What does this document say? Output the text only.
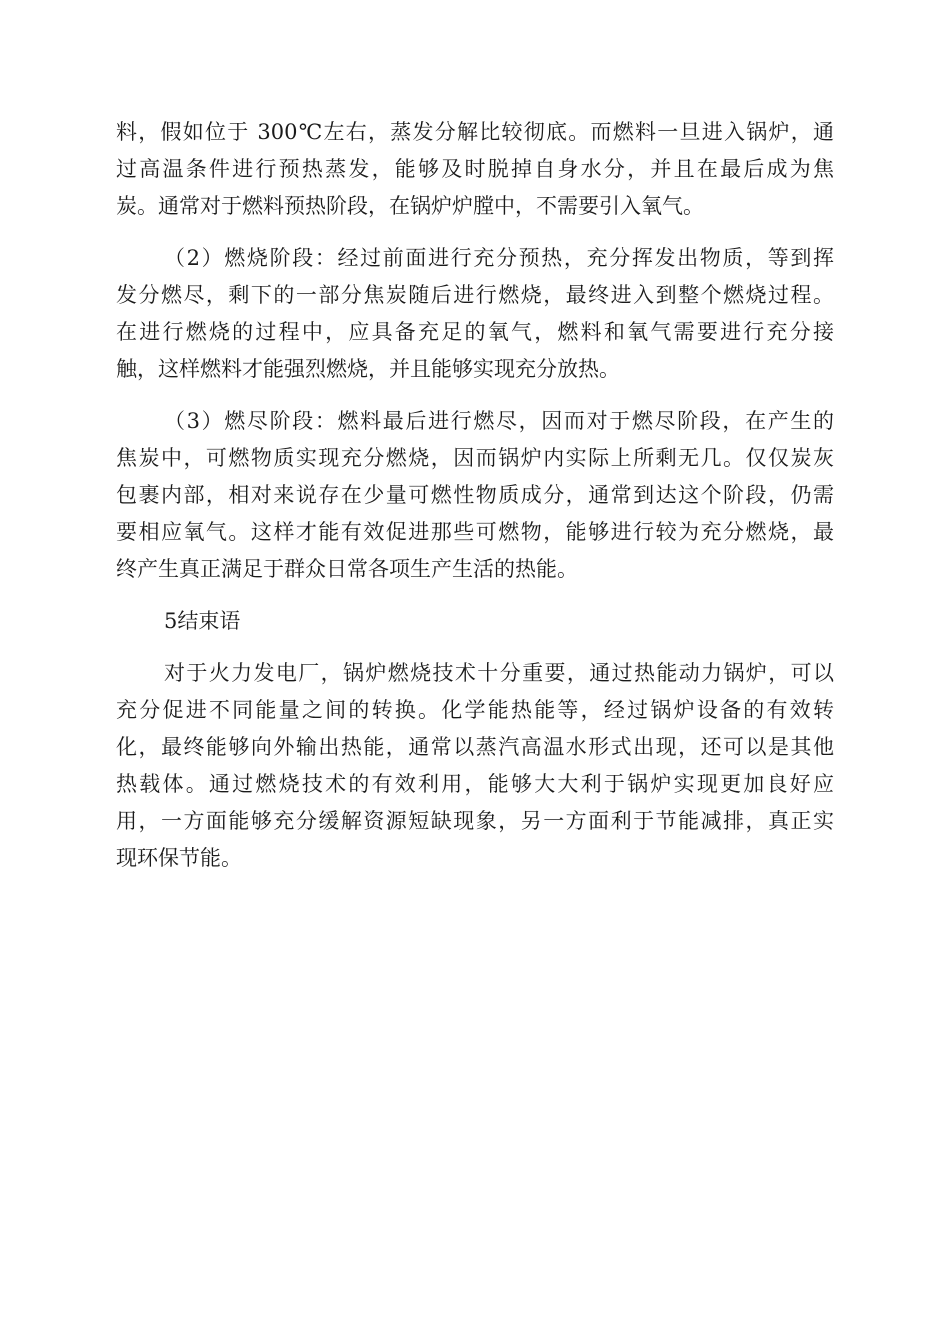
料，假如位于 300℃左右，蒸发分解比较彻底。而燃料一旦进入锅炉，通
过高温条件进行预热蒸发，能够及时脱掉自身水分，并且在最后成为焦
炭。通常对于燃料预热阶段，在锅炉炉膛中，不需要引入氧气。
（2）燃烧阶段：经过前面进行充分预热，充分挥发出物质，等到挥
发分燃尽，剩下的一部分焦炭随后进行燃烧，最终进入到整个燃烧过程。
在进行燃烧的过程中，应具备充足的氧气，燃料和氧气需要进行充分接
触，这样燃料才能强烈燃烧，并且能够实现充分放热。
（3）燃尽阶段：燃料最后进行燃尽，因而对于燃尽阶段，在产生的
焦炭中，可燃物质实现充分燃烧，因而锅炉内实际上所剩无几。仅仅炭灰
包裹内部，相对来说存在少量可燃性物质成分，通常到达这个阶段，仍需
要相应氧气。这样才能有效促进那些可燃物，能够进行较为充分燃烧，最
终产生真正满足于群众日常各项生产生活的热能。
5结束语
对于火力发电厂，锅炉燃烧技术十分重要，通过热能动力锅炉，可以
充分促进不同能量之间的转换。化学能热能等，经过锅炉设备的有效转
化，最终能够向外输出热能，通常以蒸汽高温水形式出现，还可以是其他
热载体。通过燃烧技术的有效利用，能够大大利于锅炉实现更加良好应
用，一方面能够充分缓解资源短缺现象，另一方面利于节能减排，真正实
现环保节能。
